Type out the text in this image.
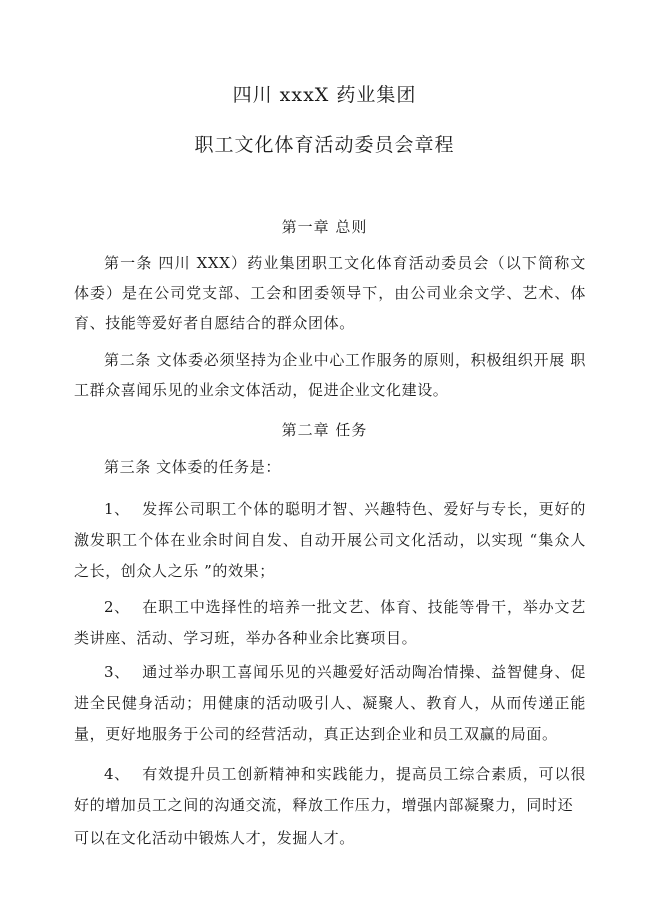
四川 xxxX 药业集团
职工文化体育活动委员会章程
第一章 总则
第一条 四川 XXX）药业集团职工文化体育活动委员会（以下简称文 体委）是在公司党支部、工会和团委领导下，由公司业余文学、艺术、体 育、技能等爱好者自愿结合的群众团体。
第二条 文体委必须坚持为企业中心工作服务的原则，积极组织开展 职工群众喜闻乐见的业余文体活动，促进企业文化建设。
第二章 任务
第三条 文体委的任务是：
1、 发挥公司职工个体的聪明才智、兴趣特色、爱好与专长，更好的 激发职工个体在业余时间自发、自动开展公司文化活动，以实现 “集众人 之长，创众人之乐 ”的效果；
2、 在职工中选择性的培养一批文艺、体育、技能等骨干，举办文艺 类讲座、活动、学习班，举办各种业余比赛项目。
3、 通过举办职工喜闻乐见的兴趣爱好活动陶冶情操、益智健身、促 进全民健身活动；用健康的活动吸引人、凝聚人、教育人，从而传递正能 量，更好地服务于公司的经营活动，真正达到企业和员工双赢的局面。
4、 有效提升员工创新精神和实践能力，提高员工综合素质，可以很 好的增加员工之间的沟通交流，释放工作压力，增强内部凝聚力，同时还
可以在文化活动中锻炼人才，发掘人才。
